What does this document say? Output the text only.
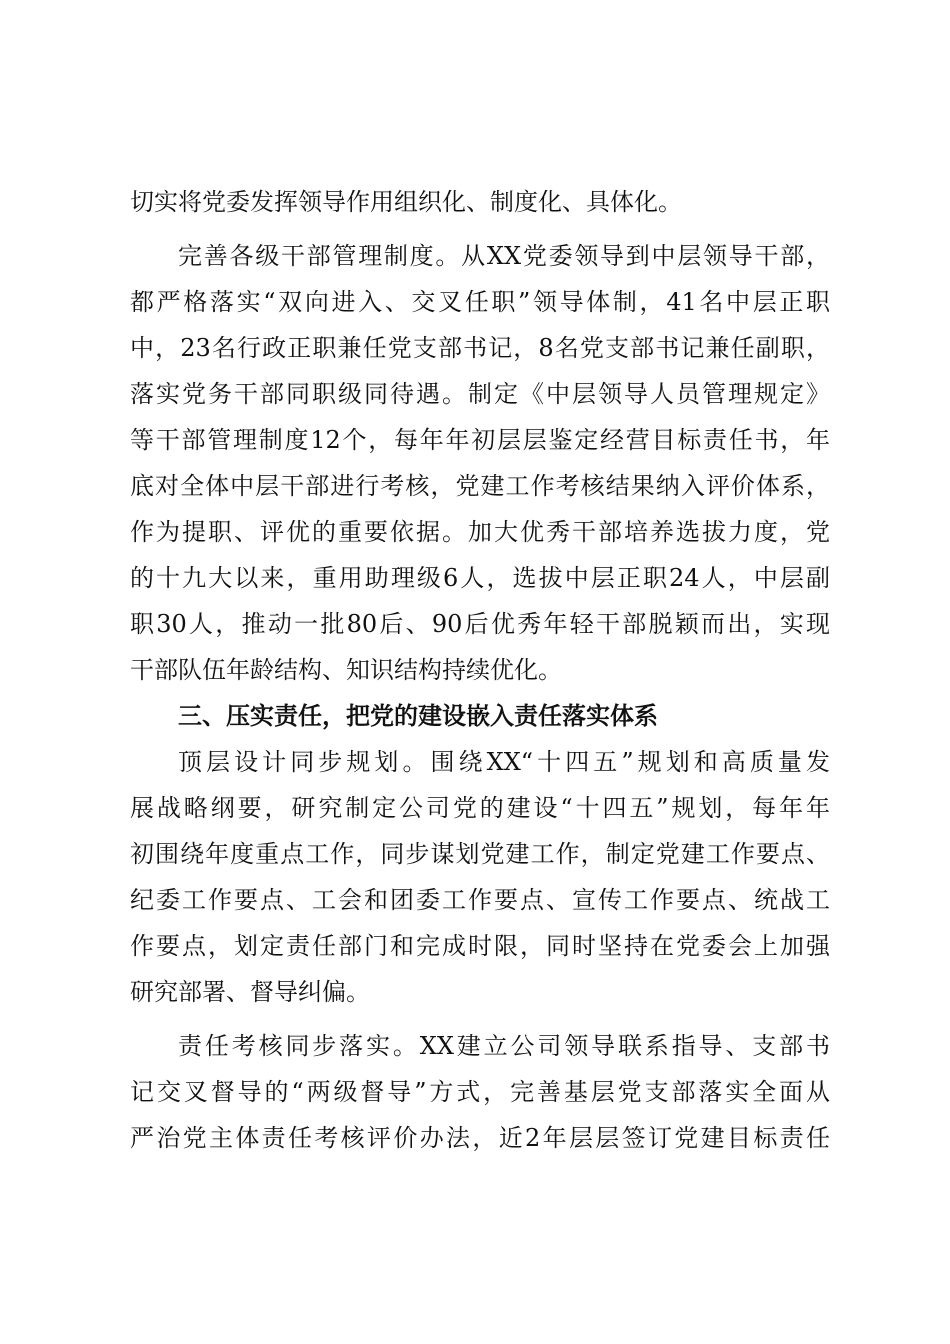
切实将党委发挥领导作用组织化、制度化、具体化。
完善各级干部管理制度。从XX党委领导到中层领导干部，
都严格落实“双向进入、交叉任职”领导体制，41名中层正职
中，23名行政正职兼任党支部书记，8名党支部书记兼任副职，
落实党务干部同职级同待遇。制定《中层领导人员管理规定》
等干部管理制度12个，每年年初层层鉴定经营目标责任书，年
底对全体中层干部进行考核，党建工作考核结果纳入评价体系，
作为提职、评优的重要依据。加大优秀干部培养选拔力度，党
的十九大以来，重用助理级6人，选拔中层正职24人，中层副
职30人，推动一批80后、90后优秀年轻干部脱颖而出，实现
干部队伍年龄结构、知识结构持续优化。
三、压实责任，把党的建设嵌入责任落实体系
顶层设计同步规划。围绕XX“十四五”规划和高质量发
展战略纲要，研究制定公司党的建设“十四五”规划，每年年
初围绕年度重点工作，同步谋划党建工作，制定党建工作要点、
纪委工作要点、工会和团委工作要点、宣传工作要点、统战工
作要点，划定责任部门和完成时限，同时坚持在党委会上加强
研究部署、督导纠偏。
责任考核同步落实。XX建立公司领导联系指导、支部书
记交叉督导的“两级督导”方式，完善基层党支部落实全面从
严治党主体责任考核评价办法，近2年层层签订党建目标责任
